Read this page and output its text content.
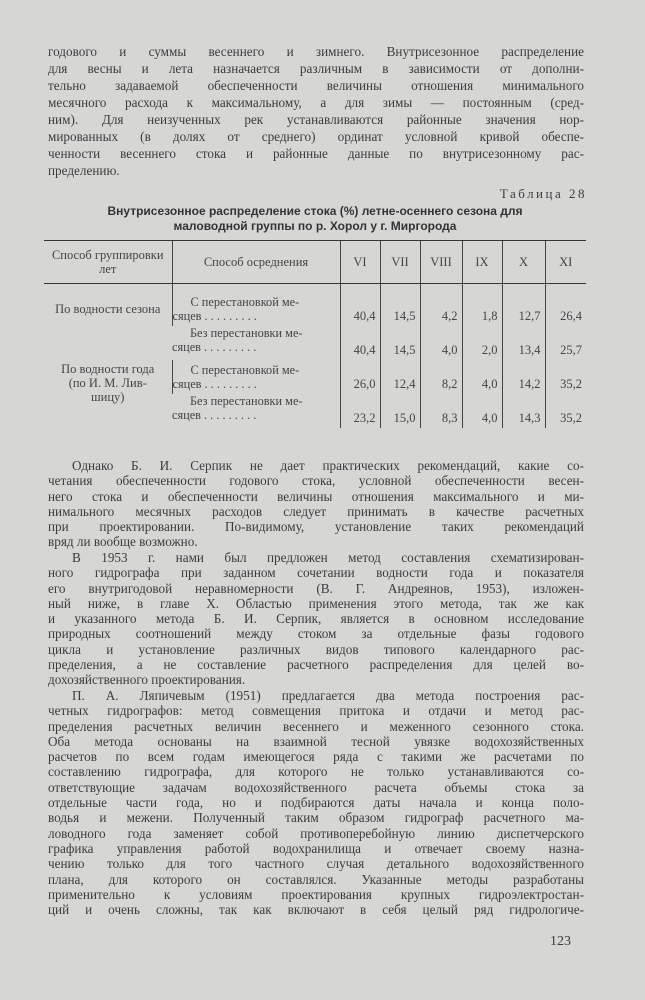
годового и суммы весеннего и зимнего. Внутрисезонное распределение
для весны и лета назначается различным в зависимости от дополни-
тельно задаваемой обеспеченности величины отношения минимального
месячного расхода к максимальному, а для зимы — постоянным (сред-
ним). Для неизученных рек устанавливаются районные значения нор-
мированных (в долях от среднего) ординат условной кривой обеспе-
ченности весеннего стока и районные данные по внутрисезонному рас-
пределению.
Таблица 28
Внутрисезонное распределение стока (%) летне-осеннего сезона для
маловодной группы по р. Хорол у г. Миргорода
Способ группировки лет	Способ осреднения	VI	VII	VIII	IX	X	XI

По водности сезона	С перестановкой ме-
сяцев . . . . . . . . .	40,4	14,5	4,2	1,8	12,7	26,4

	Без перестановки ме-
сяцев . . . . . . . . .	40,4	14,5	4,0	2,0	13,4	25,7
По водности года (по И. М. Лив-шицу)	С перестановкой ме-
сяцев . . . . . . . . .	26,0	12,4	8,2	4,0	14,2	35,2

	Без перестановки ме-
сяцев . . . . . . . . .	23,2	15,0	8,3	4,0	14,3	35,2
Однако Б. И. Серпик не дает практических рекомендаций, какие со-
четания обеспеченности годового стока, условной обеспеченности весен-
него стока и обеспеченности величины отношения максимального и ми-
нимального месячных расходов следует принимать в качестве расчетных
при проектировании. По-видимому, установление таких рекомендаций
вряд ли вообще возможно.
В 1953 г. нами был предложен метод составления схематизирован-
ного гидрографа при заданном сочетании водности года и показателя
его внутригодовой неравномерности (В. Г. Андреянов, 1953), изложен-
ный ниже, в главе X. Областью применения этого метода, так же как
и указанного метода Б. И. Серпик, является в основном исследование
природных соотношений между стоком за отдельные фазы годового
цикла и установление различных видов типового календарного рас-
пределения, а не составление расчетного распределения для целей во-
дохозяйственного проектирования.
П. А. Ляпичевым (1951) предлагается два метода построения рас-
четных гидрографов: метод совмещения притока и отдачи и метод рас-
пределения расчетных величин весеннего и меженного сезонного стока.
Оба метода основаны на взаимной тесной увязке водохозяйственных
расчетов по всем годам имеющегося ряда с такими же расчетами по
составлению гидрографа, для которого не только устанавливаются со-
ответствующие задачам водохозяйственного расчета объемы стока за
отдельные части года, но и подбираются даты начала и конца поло-
водья и межени. Полученный таким образом гидрограф расчетного ма-
ловодного года заменяет собой противоперебойную линию диспетчерского
графика управления работой водохранилища и отвечает своему назна-
чению только для того частного случая детального водохозяйственного
плана, для которого он составлялся. Указанные методы разработаны
применительно к условиям проектирования крупных гидроэлектростан-
ций и очень сложны, так как включают в себя целый ряд гидрологиче-
123
